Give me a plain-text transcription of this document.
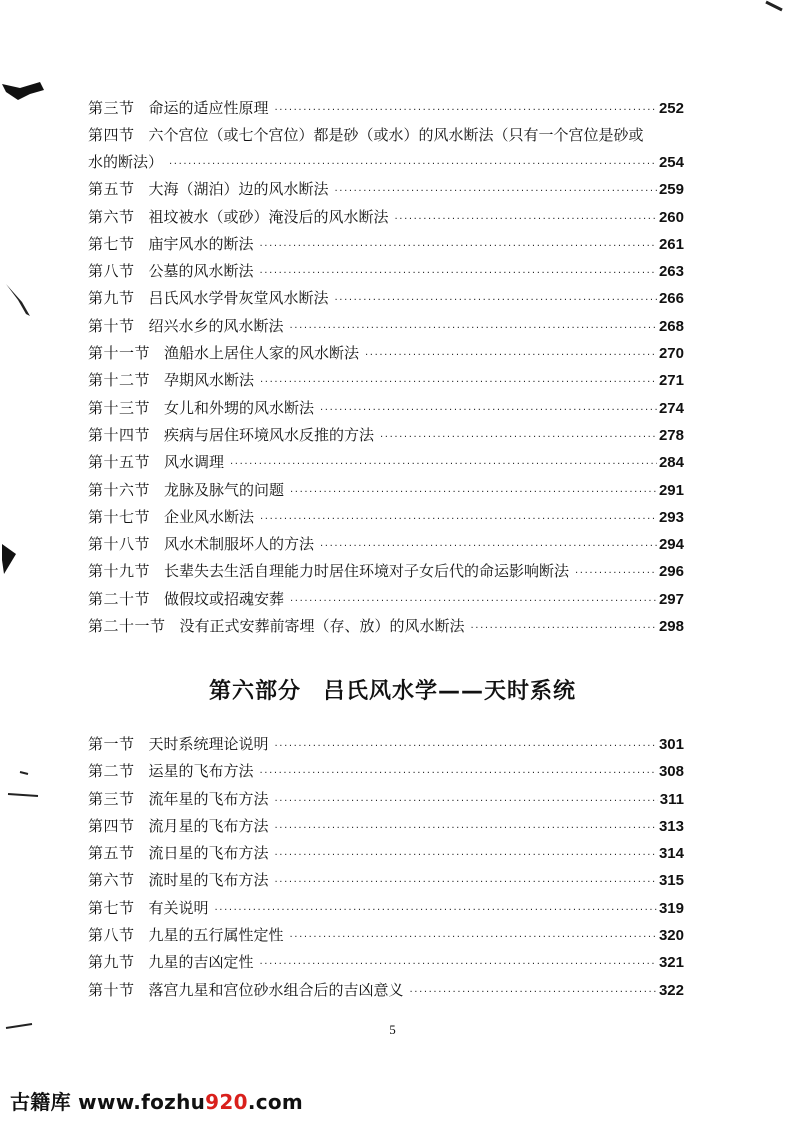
第三节 命运的适应性原理 ·····	252
第四节 六个宫位（或七个宫位）都是砂（或水）的风水断法（只有一个宫位是砂或
水的断法） ·····	254
第五节 大海（湖泊）边的风水断法 ·····	259
第六节 祖坟被水（或砂）淹没后的风水断法 ·····	260
第七节 庙宇风水的断法 ·····	261
第八节 公墓的风水断法 ·····	263
第九节 吕氏风水学骨灰堂风水断法 ·····	266
第十节 绍兴水乡的风水断法 ·····	268
第十一节 渔船水上居住人家的风水断法 ·····	270
第十二节 孕期风水断法 ·····	271
第十三节 女儿和外甥的风水断法 ·····	274
第十四节 疾病与居住环境风水反推的方法 ·····	278
第十五节 风水调理 ·····	284
第十六节 龙脉及脉气的问题 ·····	291
第十七节 企业风水断法 ·····	293
第十八节 风水术制服坏人的方法 ·····	294
第十九节 长辈失去生活自理能力时居住环境对子女后代的命运影响断法 ·····	296
第二十节 做假坟或招魂安葬 ·····	297
第二十一节 没有正式安葬前寄埋（存、放）的风水断法 ·····	298
第六部分 吕氏风水学——天时系统
第一节 天时系统理论说明 ·····	301
第二节 运星的飞布方法 ·····	308
第三节 流年星的飞布方法 ·····	311
第四节 流月星的飞布方法 ·····	313
第五节 流日星的飞布方法 ·····	314
第六节 流时星的飞布方法 ·····	315
第七节 有关说明 ·····	319
第八节 九星的五行属性定性 ·····	320
第九节 九星的吉凶定性 ·····	321
第十节 落宫九星和宫位砂水组合后的吉凶意义 ·····	322
5
古籍库 www.fozhu920.com
